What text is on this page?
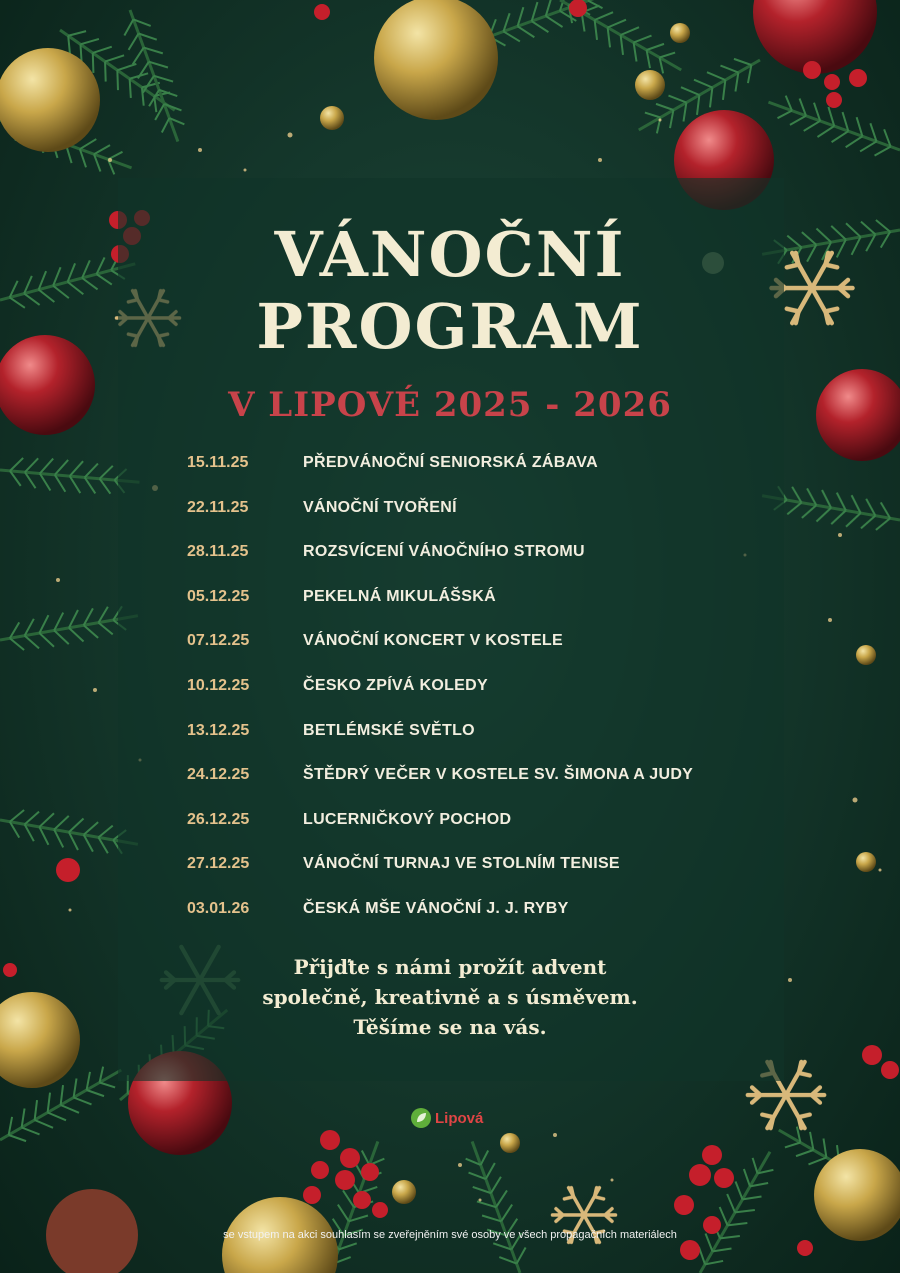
VÁNOČNÍ
PROGRAM
V LIPOVÉ 2025 - 2026
15.11.25	PŘEDVÁNOČNÍ SENIORSKÁ ZÁBAVA
22.11.25	VÁNOČNÍ TVOŘENÍ
28.11.25	ROZSVÍCENÍ VÁNOČNÍHO STROMU
05.12.25	PEKELNÁ MIKULÁŠSKÁ
07.12.25	VÁNOČNÍ KONCERT V KOSTELE
10.12.25	ČESKO ZPÍVÁ KOLEDY
13.12.25	BETLÉMSKÉ SVĚTLO
24.12.25	ŠTĚDRÝ VEČER V KOSTELE SV. ŠIMONA A JUDY
26.12.25	LUCERNIČKOVÝ POCHOD
27.12.25	VÁNOČNÍ TURNAJ VE STOLNÍM TENISE
03.01.26	ČESKÁ MŠE VÁNOČNÍ J. J. RYBY
Přijďte s námi prožít advent
společně, kreativně a s úsměvem.
Těšíme se na vás.
Lipová
se vstupem na akci souhlasím se zveřejněním své osoby ve všech propagačních materiálech
